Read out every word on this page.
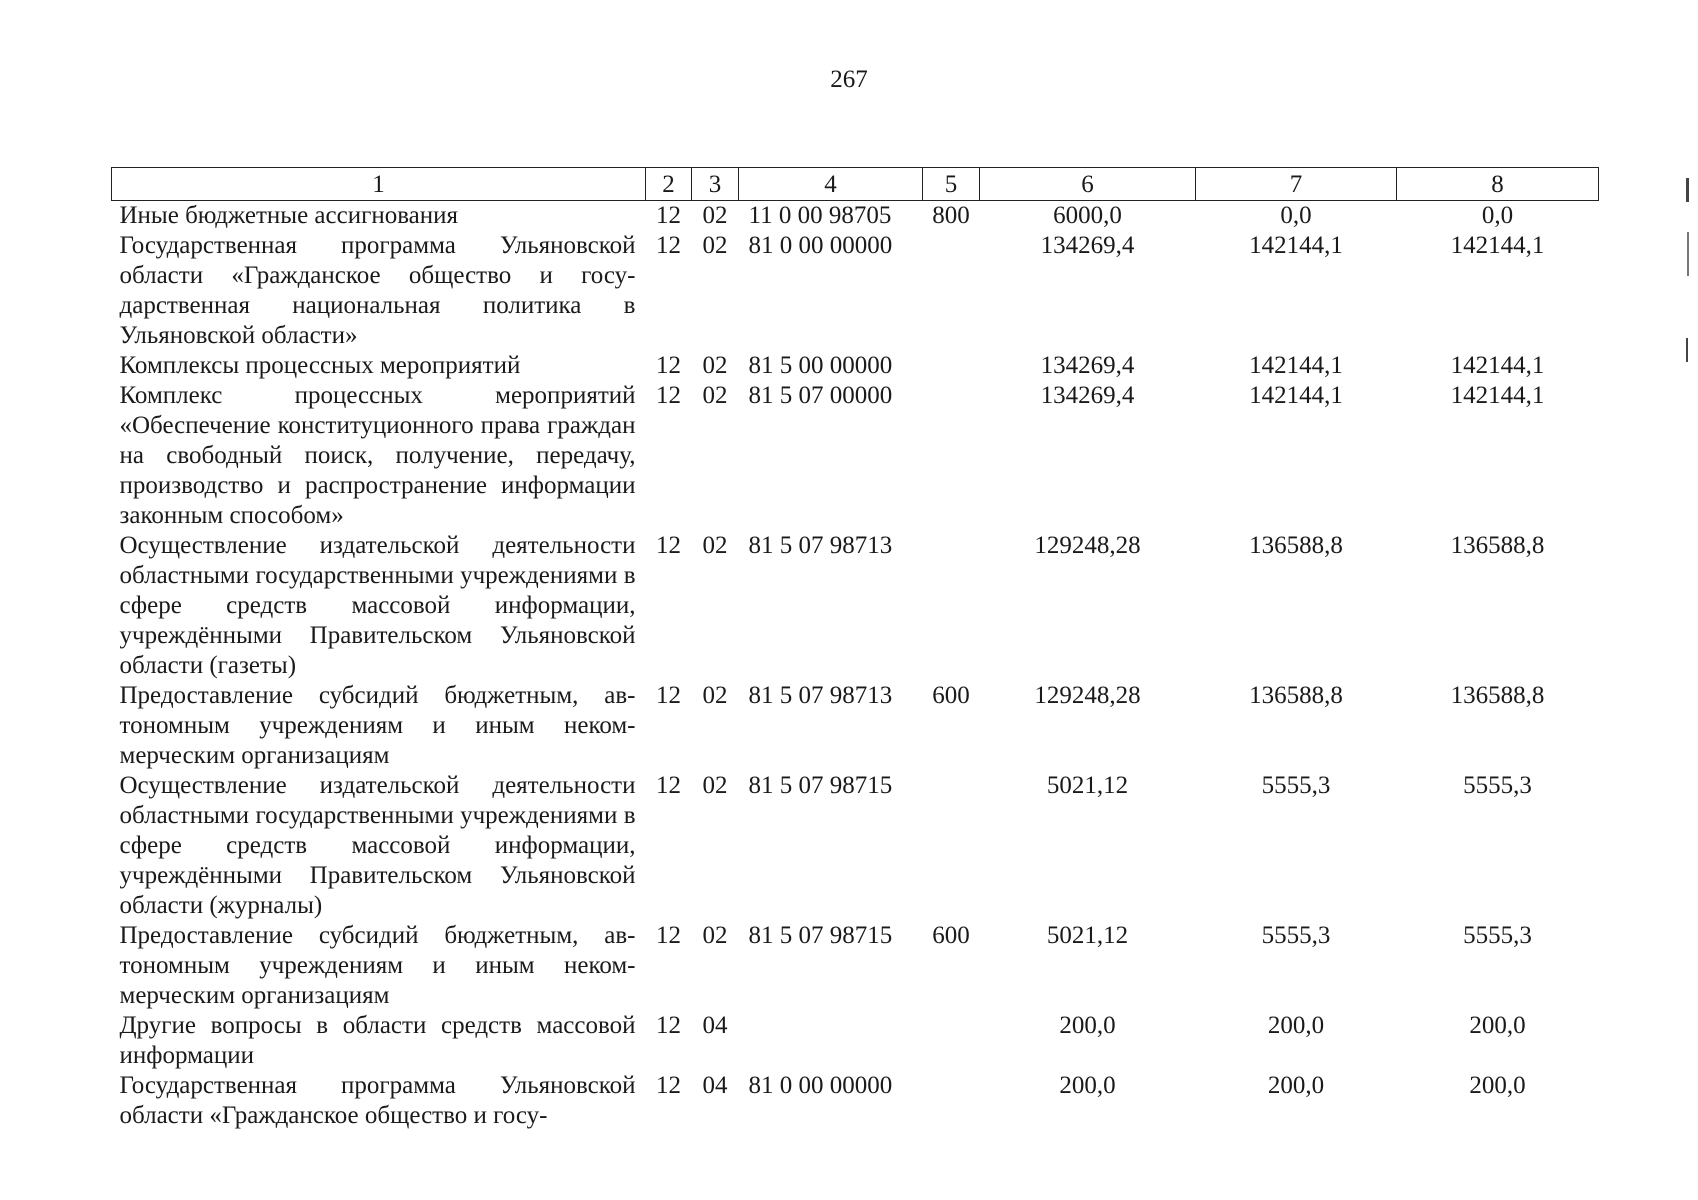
267
1	2	3	4	5	6	7	8
Иные бюджетные ассигнования	12	02	11 0 00 98705	800	6000,0	0,0	0,0
Государственная программа Ульяновской области «Гражданское общество и государственная национальная политика в Ульяновской области»	12	02	81 0 00 00000		134269,4	142144,1	142144,1
Комплексы процессных мероприятий	12	02	81 5 00 00000		134269,4	142144,1	142144,1
Комплекс процессных мероприятий «Обеспечение конституционного права граждан на свободный поиск, получение, передачу, производство и распространение информации законным способом»	12	02	81 5 07 00000		134269,4	142144,1	142144,1
Осуществление издательской деятельности областными государственными учреждениями в сфере средств массовой информации, учреждёнными Правительском Ульяновской области (газеты)	12	02	81 5 07 98713		129248,28	136588,8	136588,8
Предоставление субсидий бюджетным, автономным учреждениям и иным некоммерческим организациям	12	02	81 5 07 98713	600	129248,28	136588,8	136588,8
Осуществление издательской деятельности областными государственными учреждениями в сфере средств массовой информации, учреждёнными Правительском Ульяновской области (журналы)	12	02	81 5 07 98715		5021,12	5555,3	5555,3
Предоставление субсидий бюджетным, автономным учреждениям и иным некоммерческим организациям	12	02	81 5 07 98715	600	5021,12	5555,3	5555,3
Другие вопросы в области средств массовой информации	12	04			200,0	200,0	200,0
Государственная программа Ульяновской области «Гражданское общество и госу-	12	04	81 0 00 00000		200,0	200,0	200,0
